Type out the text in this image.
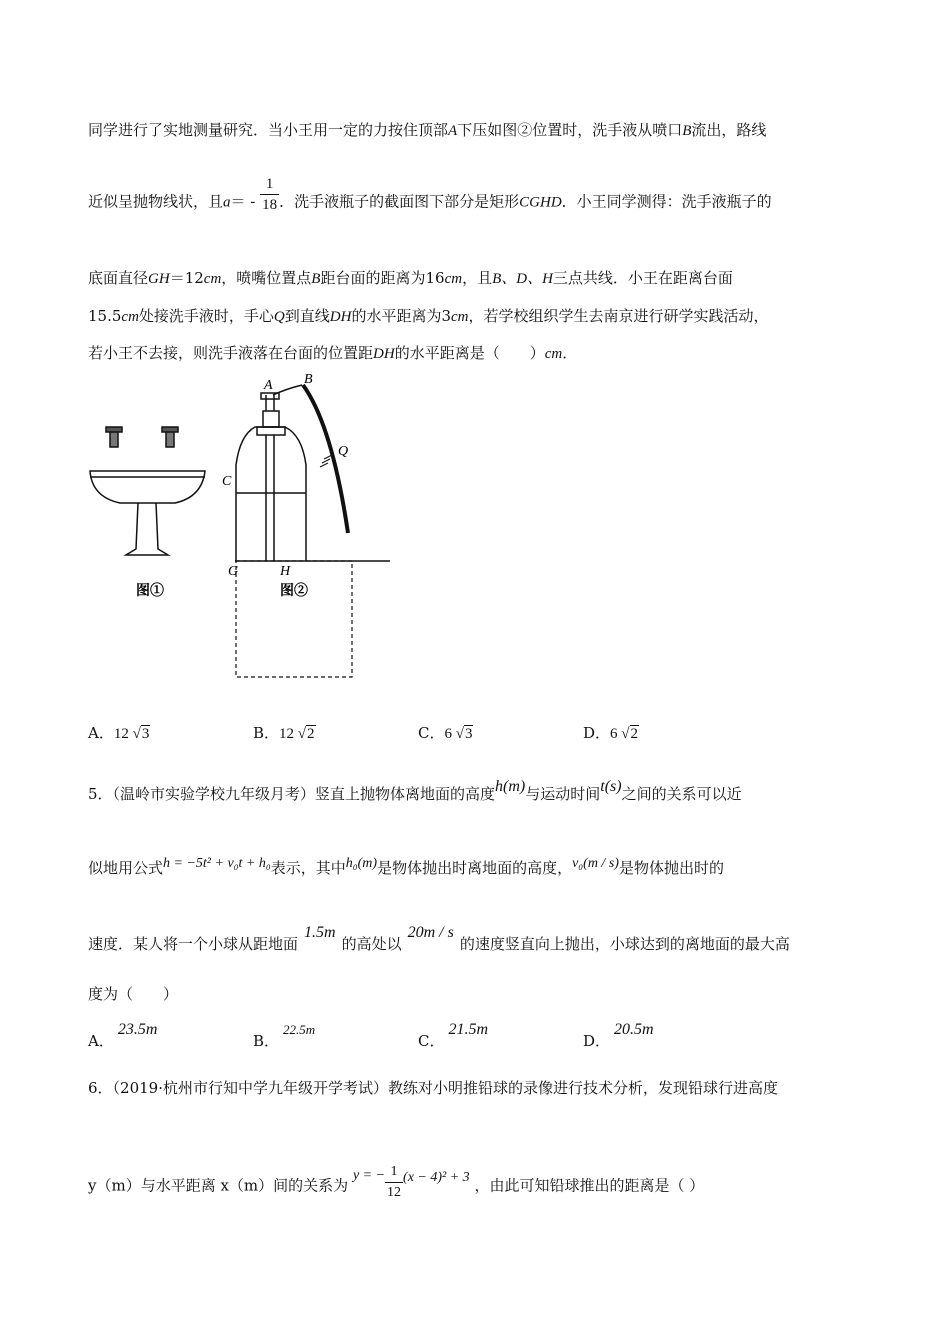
同学进行了实地测量研究．当小王用一定的力按住顶部A下压如图②位置时，洗手液从喷口B流出，路线
近似呈抛物线状，且$a= - \frac{1}{18}$ ．洗手液瓶子的截面图下部分是矩形CGHD．小王同学测得：洗手液瓶子的
底面直径GH＝12cm，喷嘴位置点B距台面的距离为16cm，且B、D、H三点共线．小王在距离台面
15.5cm处接洗手液时，手心Q到直线DH的水平距离为3cm，若学校组织学生去南京进行研学实践活动，
若小王不去接，则洗手液落在台面的位置距DH的水平距离是（　　）cm．
图①
A B
C
G	H
Q
图②
A．12 √3	B．12 √2	C．6 √3	D．6 √2
5．（温岭市实验学校九年级月考）竖直上抛物体离地面的高度h(m)与运动时间t(s)之间的关系可以近
似地用公式h = −5t² + v₀t + h₀表示，其中h₀(m)是物体抛出时离地面的高度，v₀(m / s)是物体抛出时的
速度．某人将一个小球从距地面1.5m的高处以20m / s的速度竖直向上抛出，小球达到的离地面的最大高
度为（　　）
A．23.5m
B．22.5m
C．21.5m
D．20.5m
6．（2019·杭州市行知中学九年级开学考试）教练对小明推铅球的录像进行技术分析，发现铅球行进高度
y（m）与水平距离 x（m）间的关系为 y = − $\frac{1}{12} (x - 4)^2 + 3$ ，由此可知铅球推出的距离是（ ）
